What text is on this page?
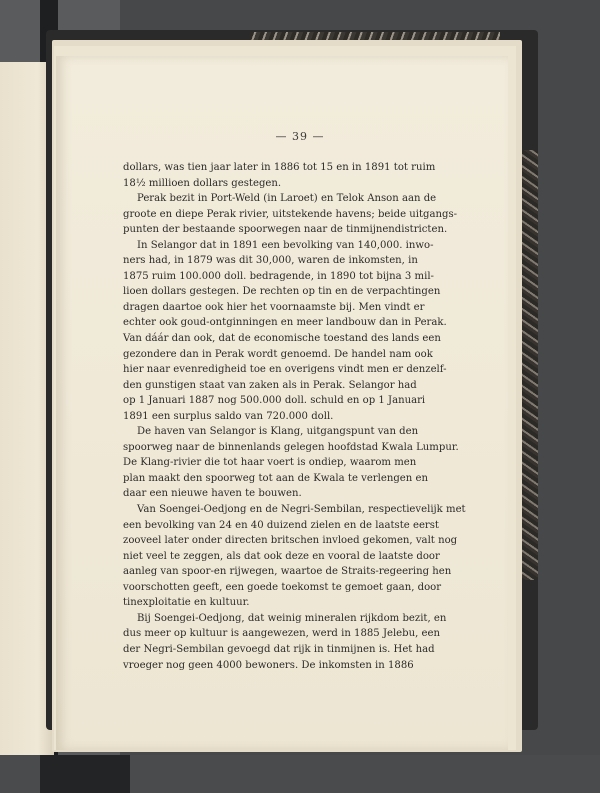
— 39 —
dollars, was tien jaar later in 1886 tot 15 en in 1891 tot ruim
18½ millioen dollars gestegen.
Perak bezit in Port-Weld (in Laroet) en Telok Anson aan de
groote en diepe Perak rivier, uitstekende havens; beide uitgangs-
punten der bestaande spoorwegen naar de tinmijnendistricten.
In Selangor dat in 1891 een bevolking van 140,000. inwo-
ners had, in 1879 was dit 30,000, waren de inkomsten, in
1875 ruim 100.000 doll. bedragende, in 1890 tot bijna 3 mil-
lioen dollars gestegen. De rechten op tin en de verpachtingen
dragen daartoe ook hier het voornaamste bij. Men vindt er
echter ook goud-ontginningen en meer landbouw dan in Perak.
Van dáár dan ook, dat de economische toestand des lands een
gezondere dan in Perak wordt genoemd. De handel nam ook
hier naar evenredigheid toe en overigens vindt men er denzelf-
den gunstigen staat van zaken als in Perak. Selangor had
op 1 Januari 1887 nog 500.000 doll. schuld en op 1 Januari
1891 een surplus saldo van 720.000 doll.
De haven van Selangor is Klang, uitgangspunt van den
spoorweg naar de binnenlands gelegen hoofdstad Kwala Lumpur.
De Klang-rivier die tot haar voert is ondiep, waarom men
plan maakt den spoorweg tot aan de Kwala te verlengen en
daar een nieuwe haven te bouwen.
Van Soengei-Oedjong en de Negri-Sembilan, respectievelijk met
een bevolking van 24 en 40 duizend zielen en de laatste eerst
zooveel later onder directen britschen invloed gekomen, valt nog
niet veel te zeggen, als dat ook deze en vooral de laatste door
aanleg van spoor-en rijwegen, waartoe de Straits-regeering hen
voorschotten geeft, een goede toekomst te gemoet gaan, door
tinexploitatie en kultuur.
Bij Soengei-Oedjong, dat weinig mineralen rijkdom bezit, en
dus meer op kultuur is aangewezen, werd in 1885 Jelebu, een
der Negri-Sembilan gevoegd dat rijk in tinmijnen is. Het had
vroeger nog geen 4000 bewoners. De inkomsten in 1886
